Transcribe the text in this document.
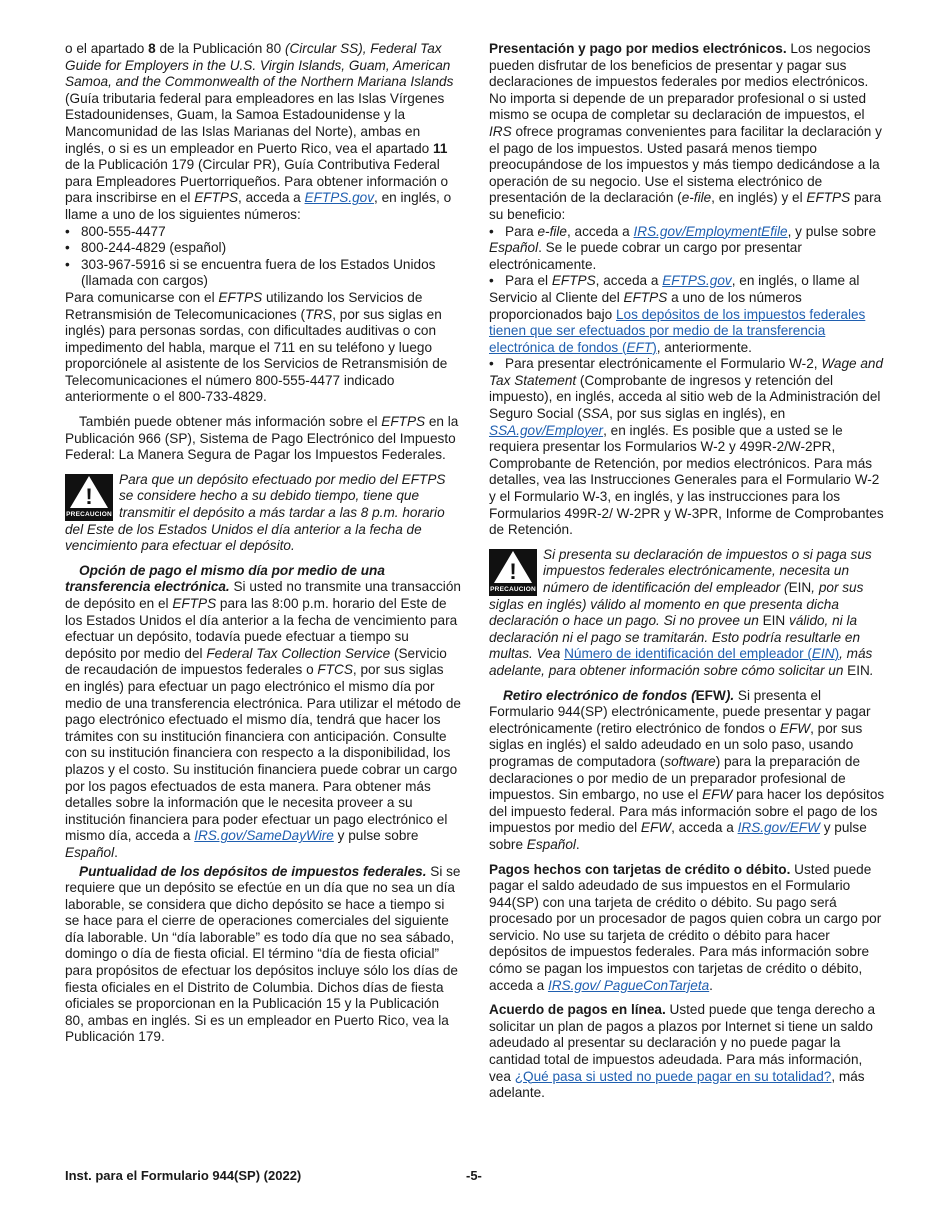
o el apartado 8 de la Publicación 80 (Circular SS), Federal Tax Guide for Employers in the U.S. Virgin Islands, Guam, American Samoa, and the Commonwealth of the Northern Mariana Islands (Guía tributaria federal para empleadores en las Islas Vírgenes Estadounidenses, Guam, la Samoa Estadounidense y la Mancomunidad de las Islas Marianas del Norte), ambas en inglés, o si es un empleador en Puerto Rico, vea el apartado 11 de la Publicación 179 (Circular PR), Guía Contributiva Federal para Empleadores Puertorriqueños. Para obtener información o para inscribirse en el EFTPS, acceda a EFTPS.gov, en inglés, o llame a uno de los siguientes números:

• 800-555-4477

• 800-244-4829 (español)

• 303-967-5916 si se encuentra fuera de los Estados Unidos (llamada con cargos)

Para comunicarse con el EFTPS utilizando los Servicios de Retransmisión de Telecomunicaciones (TRS, por sus siglas en inglés) para personas sordas, con dificultades auditivas o con impedimento del habla, marque el 711 en su teléfono y luego proporciónele al asistente de los Servicios de Retransmisión de Telecomunicaciones el número 800-555-4477 indicado anteriormente o el 800-733-4829.

También puede obtener más información sobre el EFTPS en la Publicación 966 (SP), Sistema de Pago Electrónico del Impuesto Federal: La Manera Segura de Pagar los Impuestos Federales.

!
PRECAUCION

Para que un depósito efectuado por medio del EFTPS se considere hecho a su debido tiempo, tiene que transmitir el depósito a más tardar a las 8 p.m. horario del Este de los Estados Unidos el día anterior a la fecha de vencimiento para efectuar el depósito.

Opción de pago el mismo día por medio de una transferencia electrónica. Si usted no transmite una transacción de depósito en el EFTPS para las 8:00 p.m. horario del Este de los Estados Unidos el día anterior a la fecha de vencimiento para efectuar un depósito, todavía puede efectuar a tiempo su depósito por medio del Federal Tax Collection Service (Servicio de recaudación de impuestos federales o FTCS, por sus siglas en inglés) para efectuar un pago electrónico el mismo día por medio de una transferencia electrónica. Para utilizar el método de pago electrónico efectuado el mismo día, tendrá que hacer los trámites con su institución financiera con anticipación. Consulte con su institución financiera con respecto a la disponibilidad, los plazos y el costo. Su institución financiera puede cobrar un cargo por los pagos efectuados de esta manera. Para obtener más detalles sobre la información que le necesita proveer a su institución financiera para poder efectuar un pago electrónico el mismo día, acceda a IRS.gov/SameDayWire y pulse sobre Español.

Puntualidad de los depósitos de impuestos federales. Si se requiere que un depósito se efectúe en un día que no sea un día laborable, se considera que dicho depósito se hace a tiempo si se hace para el cierre de operaciones comerciales del siguiente día laborable. Un “día laborable” es todo día que no sea sábado, domingo o día de fiesta oficial. El término “día de fiesta oficial” para propósitos de efectuar los depósitos incluye sólo los días de fiesta oficiales en el Distrito de Columbia. Dichos días de fiesta oficiales se proporcionan en la Publicación 15 y la Publicación 80, ambas en inglés. Si es un empleador en Puerto Rico, vea la Publicación 179.

Presentación y pago por medios electrónicos. Los negocios pueden disfrutar de los beneficios de presentar y pagar sus declaraciones de impuestos federales por medios electrónicos. No importa si depende de un preparador profesional o si usted mismo se ocupa de completar su declaración de impuestos, el IRS ofrece programas convenientes para facilitar la declaración y el pago de los impuestos. Usted pasará menos tiempo preocupándose de los impuestos y más tiempo dedicándose a la operación de su negocio. Use el sistema electrónico de presentación de la declaración (e-file, en inglés) y el EFTPS para su beneficio:

• Para e-file, acceda a IRS.gov/EmploymentEfile, y pulse sobre Español. Se le puede cobrar un cargo por presentar electrónicamente.

• Para el EFTPS, acceda a EFTPS.gov, en inglés, o llame al Servicio al Cliente del EFTPS a uno de los números proporcionados bajo Los depósitos de los impuestos federales tienen que ser efectuados por medio de la transferencia electrónica de fondos (EFT), anteriormente.

• Para presentar electrónicamente el Formulario W-2, Wage and Tax Statement (Comprobante de ingresos y retención del impuesto), en inglés, acceda al sitio web de la Administración del Seguro Social (SSA, por sus siglas en inglés), en SSA.gov/Employer, en inglés. Es posible que a usted se le requiera presentar los Formularios W-2 y 499R-2/W-2PR, Comprobante de Retención, por medios electrónicos. Para más detalles, vea las Instrucciones Generales para el Formulario W-2 y el Formulario W-3, en inglés, y las instrucciones para los Formularios 499R-2/ W-2PR y W-3PR, Informe de Comprobantes de Retención.

!
PRECAUCION

Si presenta su declaración de impuestos o si paga sus impuestos federales electrónicamente, necesita un número de identificación del empleador (EIN, por sus siglas en inglés) válido al momento en que presenta dicha declaración o hace un pago. Si no provee un EIN válido, ni la declaración ni el pago se tramitarán. Esto podría resultarle en multas. Vea Número de identificación del empleador (EIN), más adelante, para obtener información sobre cómo solicitar un EIN.

Retiro electrónico de fondos (EFW). Si presenta el Formulario 944(SP) electrónicamente, puede presentar y pagar electrónicamente (retiro electrónico de fondos o EFW, por sus siglas en inglés) el saldo adeudado en un solo paso, usando programas de computadora (software) para la preparación de declaraciones o por medio de un preparador profesional de impuestos. Sin embargo, no use el EFW para hacer los depósitos del impuesto federal. Para más información sobre el pago de los impuestos por medio del EFW, acceda a IRS.gov/EFW y pulse sobre Español.

Pagos hechos con tarjetas de crédito o débito. Usted puede pagar el saldo adeudado de sus impuestos en el Formulario 944(SP) con una tarjeta de crédito o débito. Su pago será procesado por un procesador de pagos quien cobra un cargo por servicio. No use su tarjeta de crédito o débito para hacer depósitos de impuestos federales. Para más información sobre cómo se pagan los impuestos con tarjetas de crédito o débito, acceda a IRS.gov/ PagueConTarjeta.

Acuerdo de pagos en línea. Usted puede que tenga derecho a solicitar un plan de pagos a plazos por Internet si tiene un saldo adeudado al presentar su declaración y no puede pagar la cantidad total de impuestos adeudada. Para más información, vea ¿Qué pasa si usted no puede pagar en su totalidad?, más adelante.

Inst. para el Formulario 944(SP) (2022)	-5-
